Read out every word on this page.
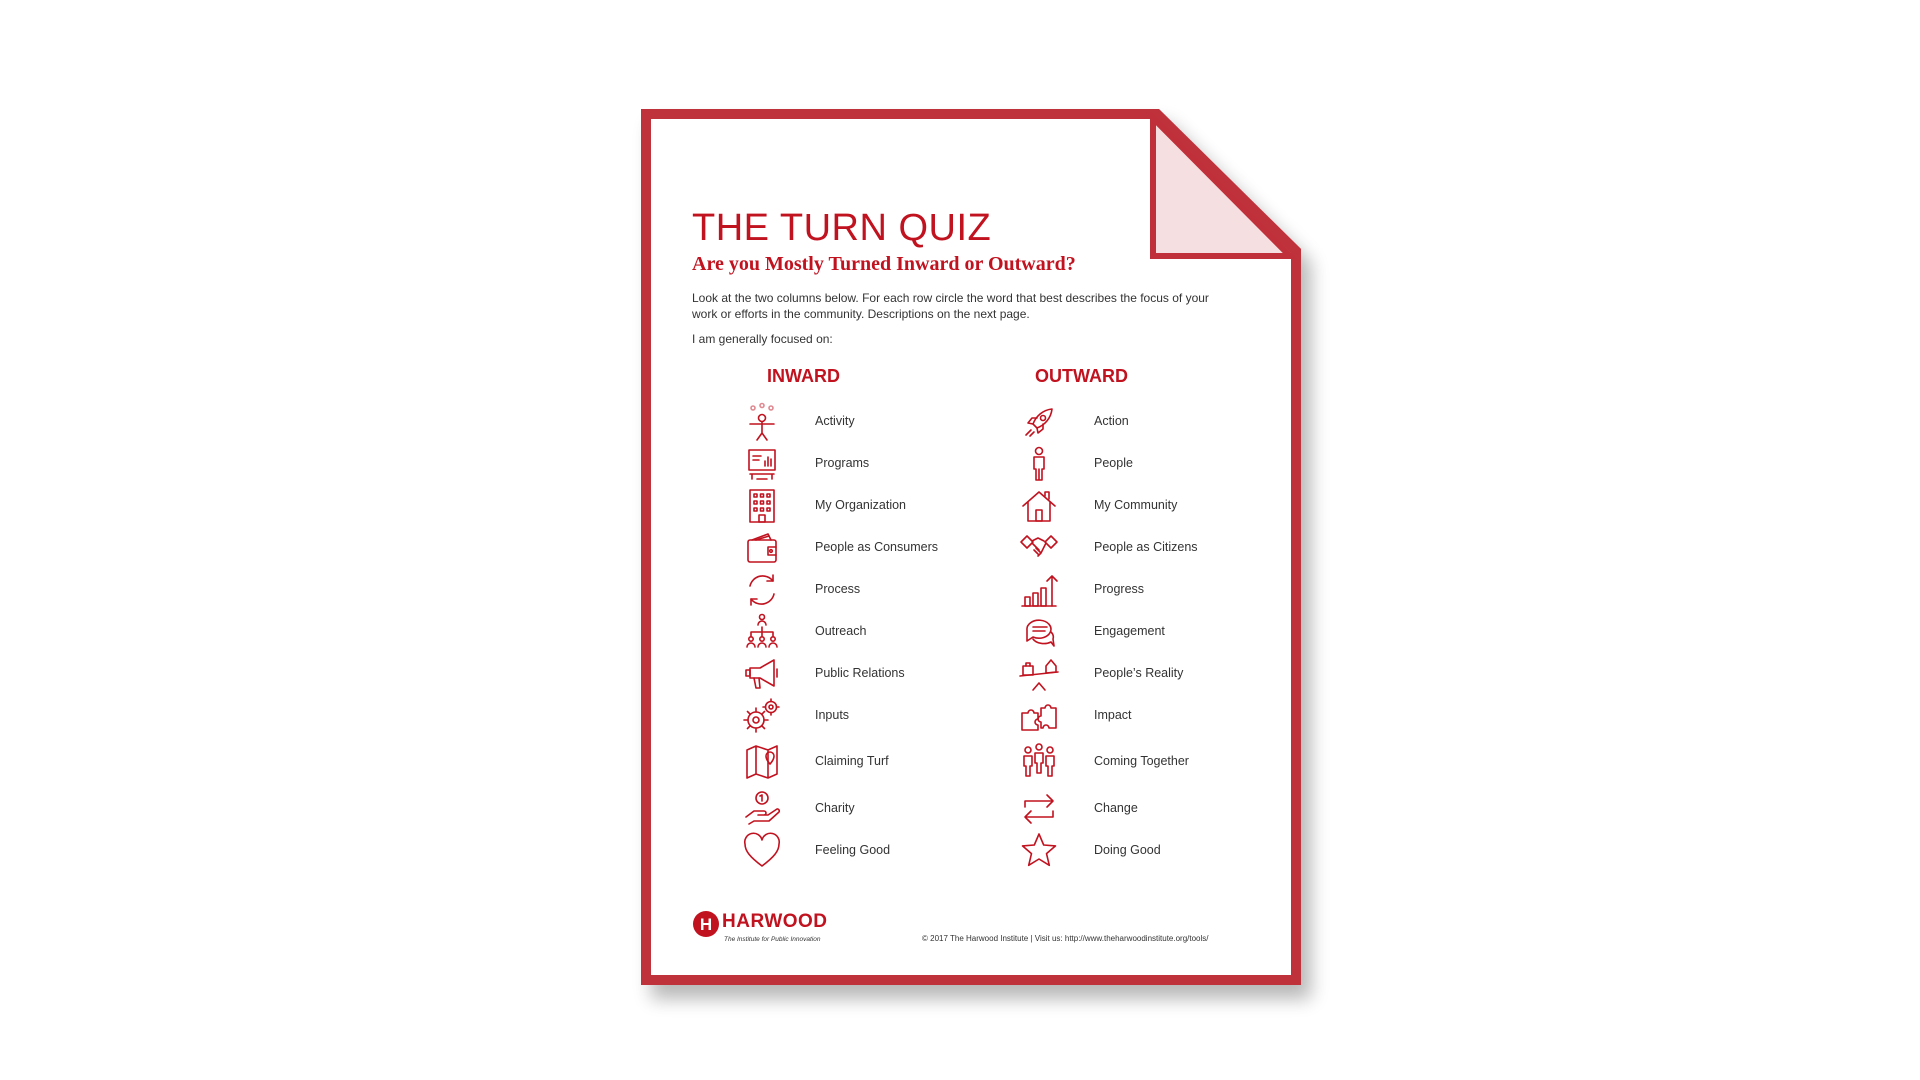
THE TURN QUIZ
Are you Mostly Turned Inward or Outward?

Look at the two columns below. For each row circle the word that best describes the focus of your work or efforts in the community. Descriptions on the next page.

I am generally focused on:

INWARD	OUTWARD
Activity	Action
Programs	People
My Organization	My Community
People as Consumers	People as Citizens
Process	Progress
Outreach	Engagement
Public Relations	People’s Reality
Inputs	Impact
Claiming Turf	Coming Together
Charity	Change
Feeling Good	Doing Good
H HARWOOD
The Institute for Public Innovation	© 2017 The Harwood Institute | Visit us: http://www.theharwoodinstitute.org/tools/
